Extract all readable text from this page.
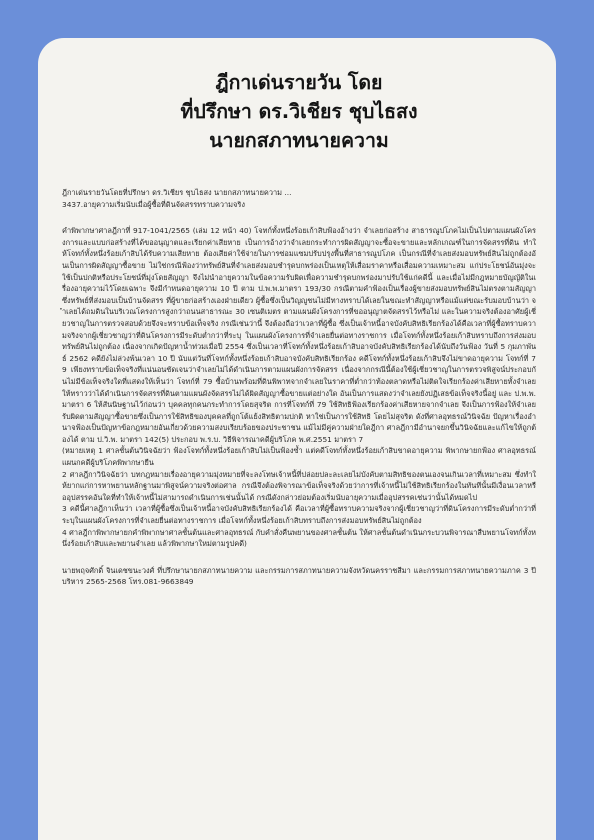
ฎีกาเด่นรายวัน โดย
ที่ปรึกษา ดร.วิเชียร ชุบไธสง
นายกสภาทนายความ
ฎีกาเด่นรายวันโดยที่ปรึกษา ดร.วิเชียร ชุบไธสง นายกสภาทนายความ ...
3437.อายุความเริ่มนับเมื่อผู้ซื้อที่ดินจัดสรรทราบความจริง

คำพิพากษาศาลฎีกาที่ 917-1041/2565 (เล่ม 12 หน้า 40) โจทก์ทั้งหนึ่งร้อยเก้าสิบฟ้องอ้างว่า จำเลยก่อสร้าง สาธารณูปโภคไม่เป็นไปตามแผนผังโครงการและแบบก่อสร้างที่ได้ขออนุญาตและเรียกค่าเสียหาย เป็นการอ้างว่าจำเลยกระทำการผิดสัญญาจะซื้อจะขายและหลักเกณฑ์ในการจัดสรรที่ดิน ทำให้โจทก์ทั้งหนึ่งร้อยเก้าสิบได้รับความเสียหาย ต้องเสียค่าใช้จ่ายในการซ่อมแซมปรับปรุงพื้นที่สาธารณูปโภค เป็นกรณีที่จำเลยส่งมอบทรัพย์สินไม่ถูกต้องอันเป็นการผิดสัญญาซื้อขาย ไม่ใช่กรณีฟ้องว่าทรัพย์สินที่จำเลยส่งมอบชำรุดบกพร่องเป็นเหตุให้เสื่อมราคาหรือเสื่อมความเหมาะสม แก่ประโยชน์อันมุ่งจะใช้เป็นปกติหรือประโยชน์ที่มุ่งโดยสัญญา จึงไม่นำอายุความในข้อความรับผิดเพื่อความชำรุดบกพร่องมาปรับใช้แก่คดีนี้ และเมื่อไม่มีกฎหมายบัญญัติในเรื่องอายุความไว้โดยเฉพาะ จึงมีกำหนดอายุความ 10 ปี ตาม ป.พ.พ.มาตรา 193/30 กรณีตามคำฟ้องเป็นเรื่องผู้ขายส่งมอบทรัพย์สินไม่ตรงตามสัญญา ซึ่งทรัพย์ที่ส่งมอบเป็นบ้านจัดสรร ที่ผู้ขายก่อสร้างเองฝ่ายเดียว ผู้ซื้อซึ่งเป็นวิญญูชนไม่มีทางทราบได้เลยในขณะทำสัญญาหรือแม้แต่ขณะรับมอบบ้านว่า จำเลยได้ถมดินในบริเวณโครงการสูงกว่าถนนสาธารณะ 30 เซนติเมตร ตามแผนผังโครงการที่ขออนุญาตจัดสรรไว้หรือไม่ และในความจริงต้องอาศัยผู้เชี่ยวชาญในการตรวจสอบด้วยจึงจะทราบข้อเท็จจริง กรณีเช่นว่านี้ จึงต้องถือว่าเวลาที่ผู้ซื้อ ซึ่งเป็นเจ้าหนี้อาจบังคับสิทธิเรียกร้องได้คือเวลาที่ผู้ซื้อทราบความจริงจากผู้เชี่ยวชาญว่าที่ดินโครงการมีระดับต่ำกว่าที่ระบุ ในแผนผังโครงการที่จำเลยยื่นต่อทางราชการ เมื่อโจทก์ทั้งหนึ่งร้อยเก้าสิบทราบถึงการส่งมอบทรัพย์สินไม่ถูกต้อง เนื่องจากเกิดปัญหาน้ำท่วมเมื่อปี 2554 ซึ่งเป็นเวลาที่โจทก์ทั้งหนึ่งร้อยเก้าสิบอาจบังคับสิทธิเรียกร้องได้นับถึงวันฟ้อง วันที่ 5 กุมภาพันธ์ 2562 คดียังไม่ล่วงพ้นเวลา 10 ปี นับแต่วันที่โจทก์ทั้งหนึ่งร้อยเก้าสิบอาจบังคับสิทธิเรียกร้อง คดีโจทก์ทั้งหนึ่งร้อยเก้าสิบจึงไม่ขาดอายุความ โจทก์ที่ 79 เพียงทราบข้อเท็จจริงที่แน่นอนชัดเจนว่าจำเลยไม่ได้ดำเนินการตามแผนผังการจัดสรร เนื่องจากกรณีนี้ต้องใช้ผู้เชี่ยวชาญในการตรวจพิสูจน์ประกอบกันไม่มีข้อเท็จจริงใดที่แสดงให้เห็นว่า โจทก์ที่ 79 ซื้อบ้านพร้อมที่ดินพิพาทจากจำเลยในราคาที่ต่ำกว่าท้องตลาดหรือไม่ติดใจเรียกร้องค่าเสียหายทั้งจำเลยให้ทราวว่าได้ดำเนินการจัดสรรที่ดินตามแผนผังจัดสรรไม่ได้ผิดสัญญาซื้อขายแต่อย่างใด อันเป็นการแสดงว่าจำเลยยังปฏิเสธข้อเท็จจริงนี้อยู่ และ ป.พ.พ. มาตรา 6 ให้สันนิษฐานไว้ก่อนว่า บุคคลทุกคนกระทำการโดยสุจริต การที่โจทก์ที่ 79 ใช้สิทธิฟ้องเรียกร้องค่าเสียหายจากจำเลย จึงเป็นการฟ้องให้จำเลยรับผิดตามสัญญาซื้อขายซึ่งเป็นการใช้สิทธิของบุคคลที่ถูกโต้แย้งสิทธิตามปกติ หาใช่เป็นการใช้สิทธิ โดยไม่สุจริต ดังที่ศาลอุทธรณ์วินิจฉัย ปัญหาเรื่องอำนาจฟ้องเป็นปัญหาข้อกฎหมายอันเกี่ยวด้วยความสงบเรียบร้อยของประชาชน แม้ไม่มีคู่ความฝ่ายใดฎีกา ศาลฎีกามีอำนาจยกขึ้นวินิจฉัยและแก้ไขให้ถูกต้องได้ ตาม ป.วิ.พ. มาตรา 142(5) ประกอบ พ.ร.บ. วิธีพิจารณาคดีผู้บริโภค พ.ศ.2551 มาตรา 7

(หมายเหตุ 1 ศาลชั้นต้นวินิจฉัยว่า ฟ้องโจทก์ทั้งหนึ่งร้อยเก้าสิบไม่เป็นฟ้องซ้ำ แต่คดีโจทก์ทั้งหนึ่งร้อยเก้าสิบขาดอายุความ พิพากษายกฟ้อง ศาลอุทธรณ์แผนกคดีผู้บริโภคพิพากษายืน

2 ศาลฎีกาวินิจฉัยว่า บทกฎหมายเรื่องอายุความมุ่งหมายที่จะลงโทษเจ้าหนี้ที่ปล่อยปละละเลยไม่บังคับตามสิทธิของตนเองจนเกินเวลาที่เหมาะสม ซึ่งทำให้ยากแก่การหาพยานหลักฐานมาพิสูจน์ความจริงต่อศาล กรณีจึงต้องพิจารณาข้อเท็จจริงด้วยว่าการที่เจ้าหนี้ไม่ใช้สิทธิเรียกร้องในทันทีนั้นมีเงื่อนเวลาหรืออุปสรรคอันใดที่ทำให้เจ้าหนี้ไม่สามารถดำเนินการเช่นนั้นได้ กรณีดังกล่าวย่อมต้องเริ่มนับอายุความเมื่ออุปสรรคเช่นว่านั้นได้หมดไป

3 คดีนี้ศาลฎีกาเห็นว่า เวลาที่ผู้ซื้อซึ่งเป็นเจ้าหนี้อาจบังคับสิทธิเรียกร้องได้ คือเวลาที่ผู้ซื้อทราบความจริงจากผู้เชี่ยวชาญว่าที่ดินโครงการมีระดับต่ำกว่าที่ระบุในแผนผังโครงการที่จำเลยยื่นต่อทางราชการ เมื่อโจทก์ทั้งหนึ่งร้อยเก้าสิบทราบถึงการส่งมอบทรัพย์สินไม่ถูกต้อง

4 ศาลฎีกาพิพากษายกคำพิพากษาศาลชั้นต้นและศาลอุทธรณ์ กับคำสั่งคืนพยานของศาลชั้นต้น ให้ศาลชั้นต้นดำเนินกระบวนพิจารณาสืบพยานโจทก์ทั้งหนึ่งร้อยเก้าสิบและพยานจำเลย แล้วพิพากษาใหม่ตามรูปคดี)

นายพฤจศักดิ์ จินเดชขนะวงศ์ ที่ปรึกษานายกสภาทนายความ และกรรมการสภาทนายความจังหวัดนครราชสีมา และกรรมการสภาทนายความภาค 3 ปีบริหาร 2565-2568 โทร.081-9663849
